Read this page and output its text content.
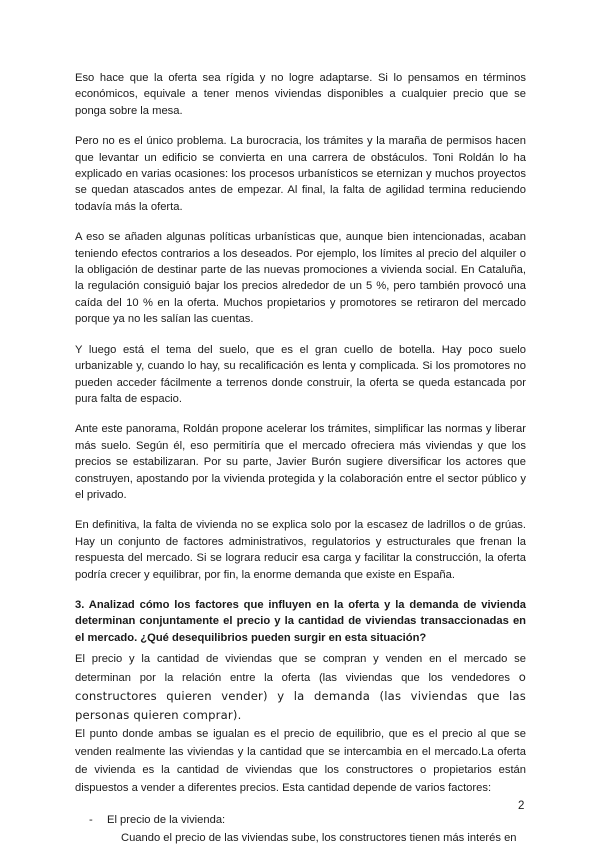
Eso hace que la oferta sea rígida y no logre adaptarse. Si lo pensamos en términos económicos, equivale a tener menos viviendas disponibles a cualquier precio que se ponga sobre la mesa.

Pero no es el único problema. La burocracia, los trámites y la maraña de permisos hacen que levantar un edificio se convierta en una carrera de obstáculos. Toni Roldán lo ha explicado en varias ocasiones: los procesos urbanísticos se eternizan y muchos proyectos se quedan atascados antes de empezar. Al final, la falta de agilidad termina reduciendo todavía más la oferta.

A eso se añaden algunas políticas urbanísticas que, aunque bien intencionadas, acaban teniendo efectos contrarios a los deseados. Por ejemplo, los límites al precio del alquiler o la obligación de destinar parte de las nuevas promociones a vivienda social. En Cataluña, la regulación consiguió bajar los precios alrededor de un 5 %, pero también provocó una caída del 10 % en la oferta. Muchos propietarios y promotores se retiraron del mercado porque ya no les salían las cuentas.

Y luego está el tema del suelo, que es el gran cuello de botella. Hay poco suelo urbanizable y, cuando lo hay, su recalificación es lenta y complicada. Si los promotores no pueden acceder fácilmente a terrenos donde construir, la oferta se queda estancada por pura falta de espacio.

Ante este panorama, Roldán propone acelerar los trámites, simplificar las normas y liberar más suelo. Según él, eso permitiría que el mercado ofreciera más viviendas y que los precios se estabilizaran. Por su parte, Javier Burón sugiere diversificar los actores que construyen, apostando por la vivienda protegida y la colaboración entre el sector público y el privado.

En definitiva, la falta de vivienda no se explica solo por la escasez de ladrillos o de grúas. Hay un conjunto de factores administrativos, regulatorios y estructurales que frenan la respuesta del mercado. Si se lograra reducir esa carga y facilitar la construcción, la oferta podría crecer y equilibrar, por fin, la enorme demanda que existe en España.

3. Analizad cómo los factores que influyen en la oferta y la demanda de vivienda determinan conjuntamente el precio y la cantidad de viviendas transaccionadas en el mercado. ¿Qué desequilibrios pueden surgir en esta situación?
El precio y la cantidad de viviendas que se compran y venden en el mercado se determinan por la relación entre la oferta (las viviendas que los vendedores o constructores quieren vender) y la demanda (las viviendas que las personas quieren comprar).
El punto donde ambas se igualan es el precio de equilibrio, que es el precio al que se venden realmente las viviendas y la cantidad que se intercambia en el mercado.La oferta de vivienda es la cantidad de viviendas que los constructores o propietarios están dispuestos a vender a diferentes precios. Esta cantidad depende de varios factores:
- El precio de la vivienda:
Cuando el precio de las viviendas sube, los constructores tienen más interés en
2
